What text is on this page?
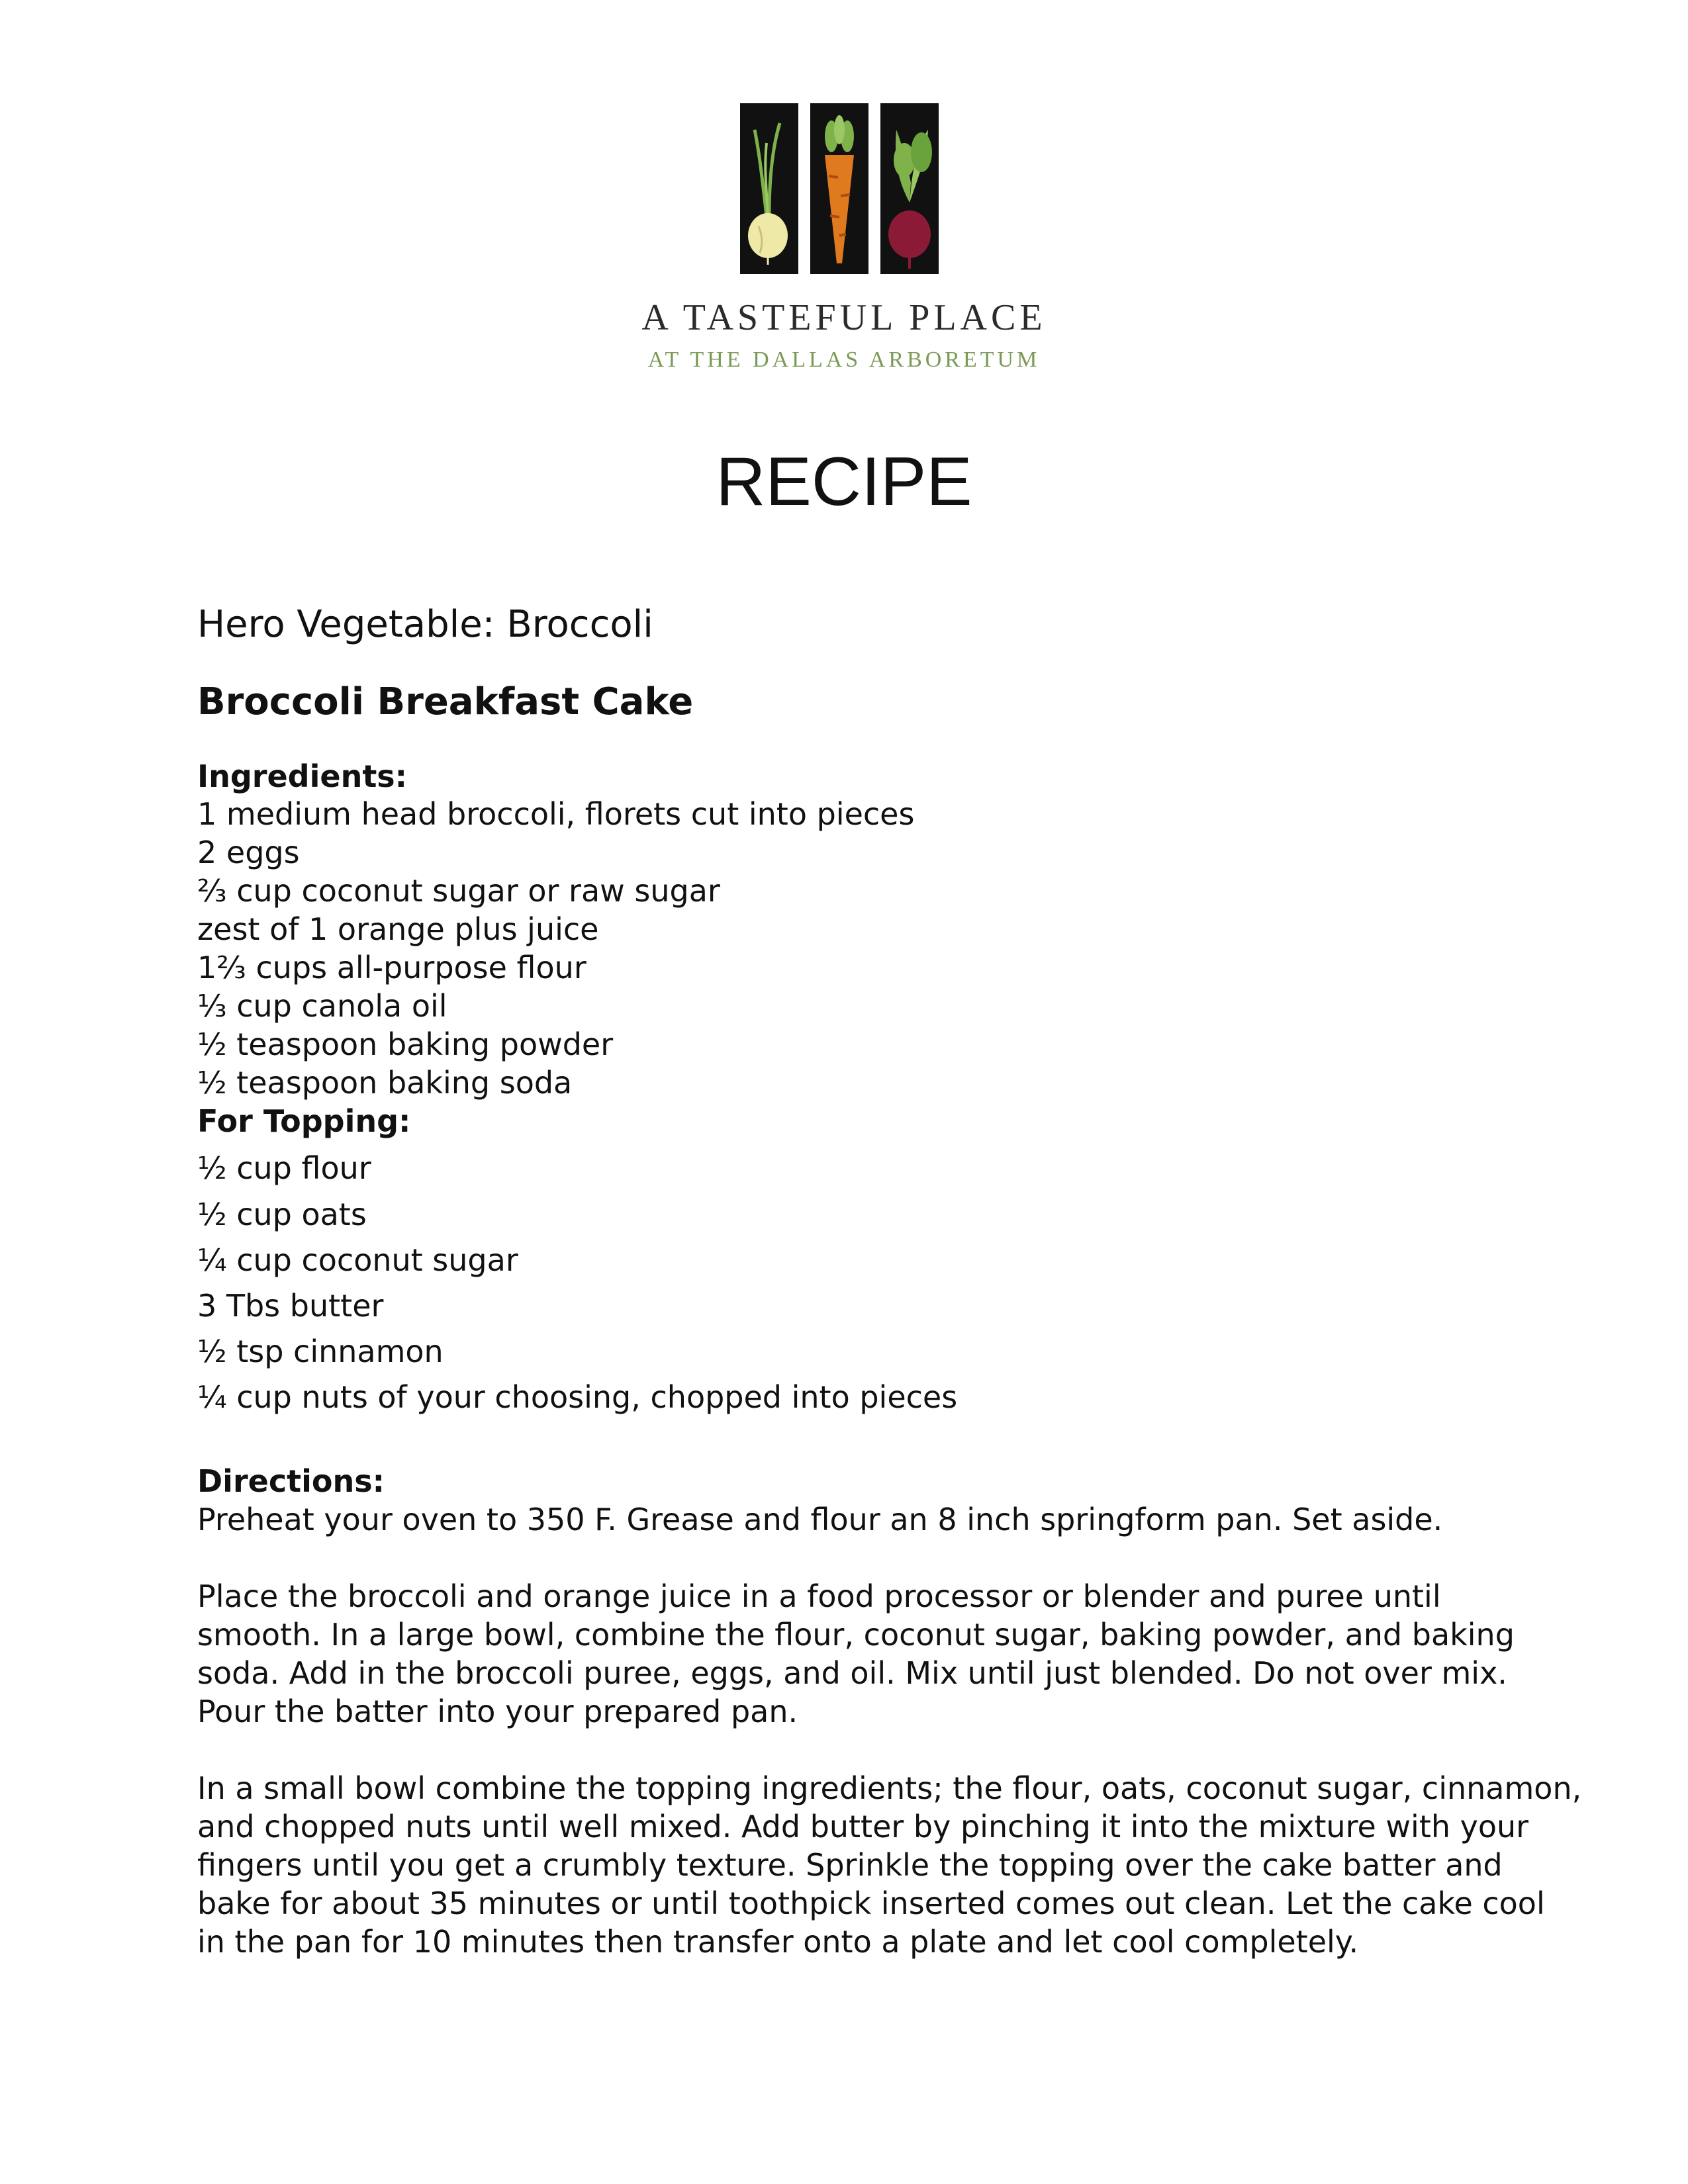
A TASTEFUL PLACE
AT THE DALLAS ARBORETUM
RECIPE
Hero Vegetable: Broccoli
Broccoli Breakfast Cake
Ingredients:
1 medium head broccoli, florets cut into pieces
2 eggs
⅔ cup coconut sugar or raw sugar
zest of 1 orange plus juice
1⅔ cups all-purpose flour
⅓ cup canola oil
½ teaspoon baking powder
½ teaspoon baking soda
For Topping:
½ cup flour
½ cup oats
¼ cup coconut sugar
3 Tbs butter
½ tsp cinnamon
¼ cup nuts of your choosing, chopped into pieces
Directions:
Preheat your oven to 350 F. Grease and flour an 8 inch springform pan. Set aside.
Place the broccoli and orange juice in a food processor or blender and puree until
smooth. In a large bowl, combine the flour, coconut sugar, baking powder, and baking
soda. Add in the broccoli puree, eggs, and oil. Mix until just blended. Do not over mix.
Pour the batter into your prepared pan.
In a small bowl combine the topping ingredients; the flour, oats, coconut sugar, cinnamon,
and chopped nuts until well mixed. Add butter by pinching it into the mixture with your
fingers until you get a crumbly texture. Sprinkle the topping over the cake batter and
bake for about 35 minutes or until toothpick inserted comes out clean. Let the cake cool
in the pan for 10 minutes then transfer onto a plate and let cool completely.
